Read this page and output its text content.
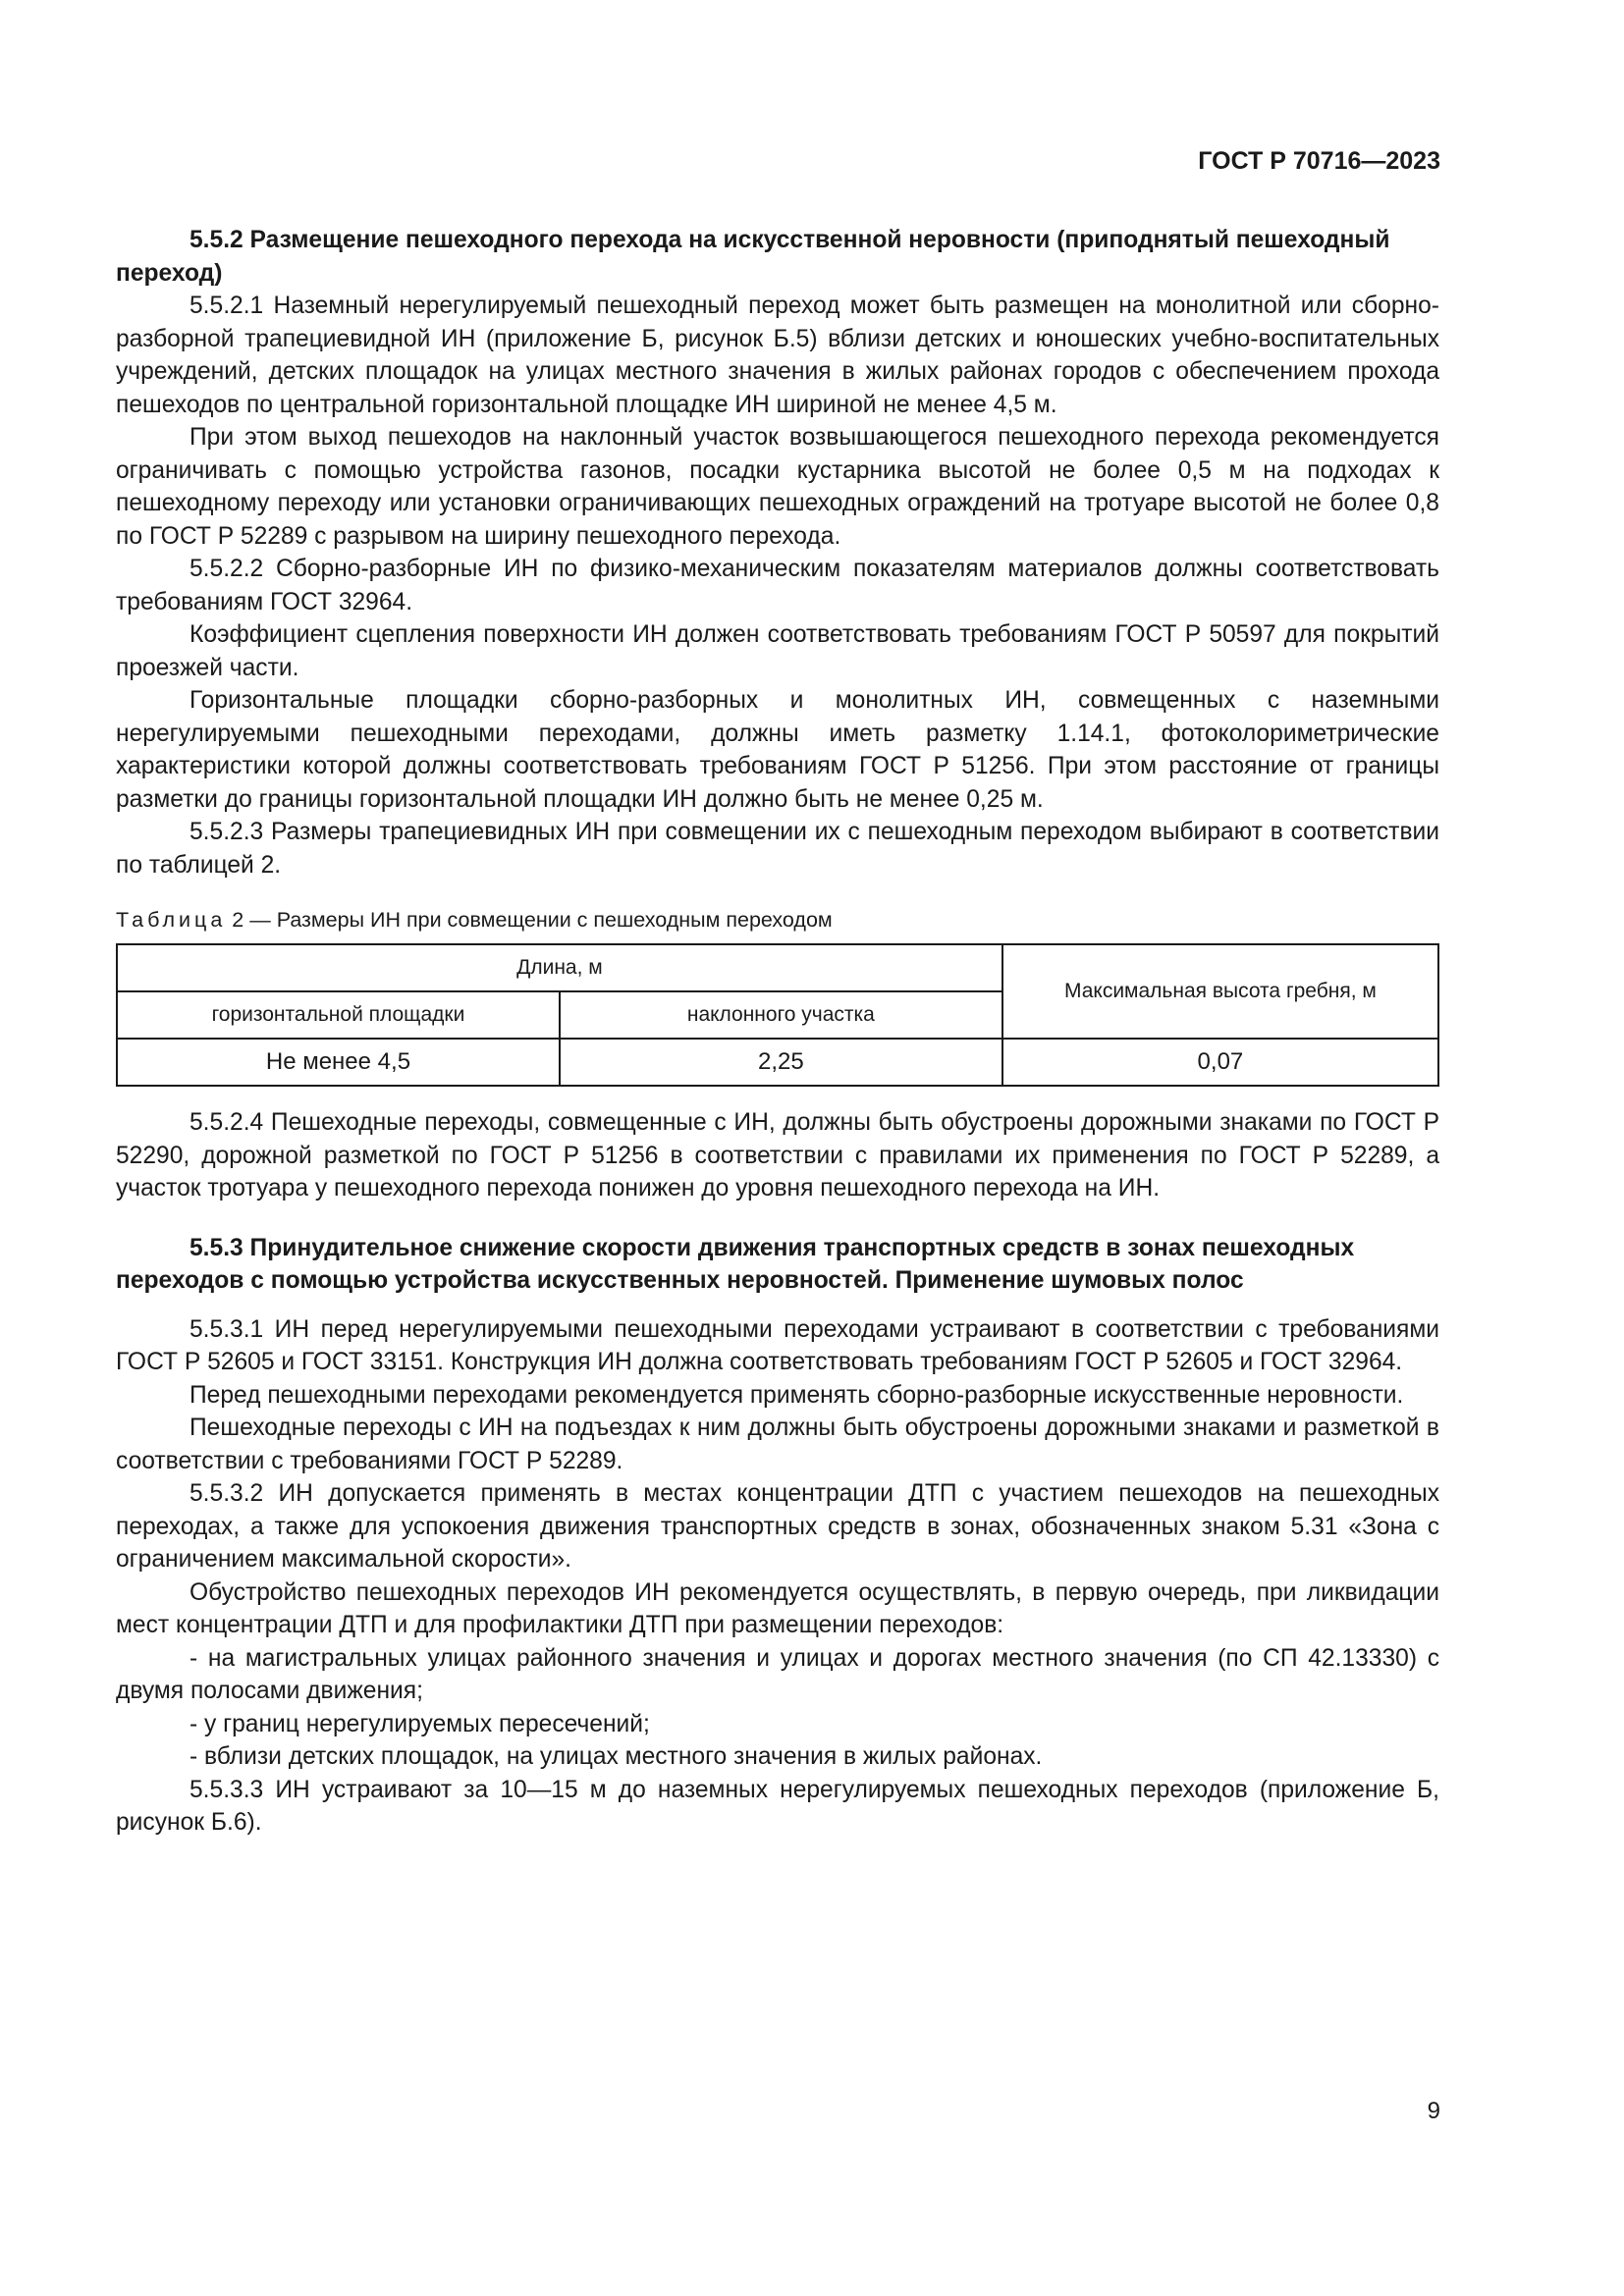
ГОСТ Р 70716—2023

5.5.2 Размещение пешеходного перехода на искусственной неровности (приподнятый пешеходный переход)

5.5.2.1 Наземный нерегулируемый пешеходный переход может быть размещен на монолитной или сборно-разборной трапециевидной ИН (приложение Б, рисунок Б.5) вблизи детских и юношеских учебно-воспитательных учреждений, детских площадок на улицах местного значения в жилых районах городов с обеспечением прохода пешеходов по центральной горизонтальной площадке ИН шириной не менее 4,5 м.

При этом выход пешеходов на наклонный участок возвышающегося пешеходного перехода рекомендуется ограничивать с помощью устройства газонов, посадки кустарника высотой не более 0,5 м на подходах к пешеходному переходу или установки ограничивающих пешеходных ограждений на тротуаре высотой не более 0,8 по ГОСТ Р 52289 с разрывом на ширину пешеходного перехода.

5.5.2.2 Сборно-разборные ИН по физико-механическим показателям материалов должны соответствовать требованиям ГОСТ 32964.

Коэффициент сцепления поверхности ИН должен соответствовать требованиям ГОСТ Р 50597 для покрытий проезжей части.

Горизонтальные площадки сборно-разборных и монолитных ИН, совмещенных с наземными нерегулируемыми пешеходными переходами, должны иметь разметку 1.14.1, фотоколориметрические характеристики которой должны соответствовать требованиям ГОСТ Р 51256. При этом расстояние от границы разметки до границы горизонтальной площадки ИН должно быть не менее 0,25 м.

5.5.2.3 Размеры трапециевидных ИН при совмещении их с пешеходным переходом выбирают в соответствии по таблицей 2.

Таблица 2 — Размеры ИН при совмещении с пешеходным переходом
Длина, м		Максимальная высота гребня, м
горизонтальной площадки	наклонного участка	
Не менее 4,5	2,25	0,07

5.5.2.4 Пешеходные переходы, совмещенные с ИН, должны быть обустроены дорожными знаками по ГОСТ Р 52290, дорожной разметкой по ГОСТ Р 51256 в соответствии с правилами их применения по ГОСТ Р 52289, а участок тротуара у пешеходного перехода понижен до уровня пешеходного перехода на ИН.

5.5.3 Принудительное снижение скорости движения транспортных средств в зонах пешеходных переходов с помощью устройства искусственных неровностей. Применение шумовых полос

5.5.3.1 ИН перед нерегулируемыми пешеходными переходами устраивают в соответствии с требованиями ГОСТ Р 52605 и ГОСТ 33151. Конструкция ИН должна соответствовать требованиям ГОСТ Р 52605 и ГОСТ 32964.

Перед пешеходными переходами рекомендуется применять сборно-разборные искусственные неровности.

Пешеходные переходы с ИН на подъездах к ним должны быть обустроены дорожными знаками и разметкой в соответствии с требованиями ГОСТ Р 52289.

5.5.3.2 ИН допускается применять в местах концентрации ДТП с участием пешеходов на пешеходных переходах, а также для успокоения движения транспортных средств в зонах, обозначенных знаком 5.31 «Зона с ограничением максимальной скорости».

Обустройство пешеходных переходов ИН рекомендуется осуществлять, в первую очередь, при ликвидации мест концентрации ДТП и для профилактики ДТП при размещении переходов:

- на магистральных улицах районного значения и улицах и дорогах местного значения (по СП 42.13330) с двумя полосами движения;

- у границ нерегулируемых пересечений;

- вблизи детских площадок, на улицах местного значения в жилых районах.

5.5.3.3 ИН устраивают за 10—15 м до наземных нерегулируемых пешеходных переходов (приложение Б, рисунок Б.6).

9
